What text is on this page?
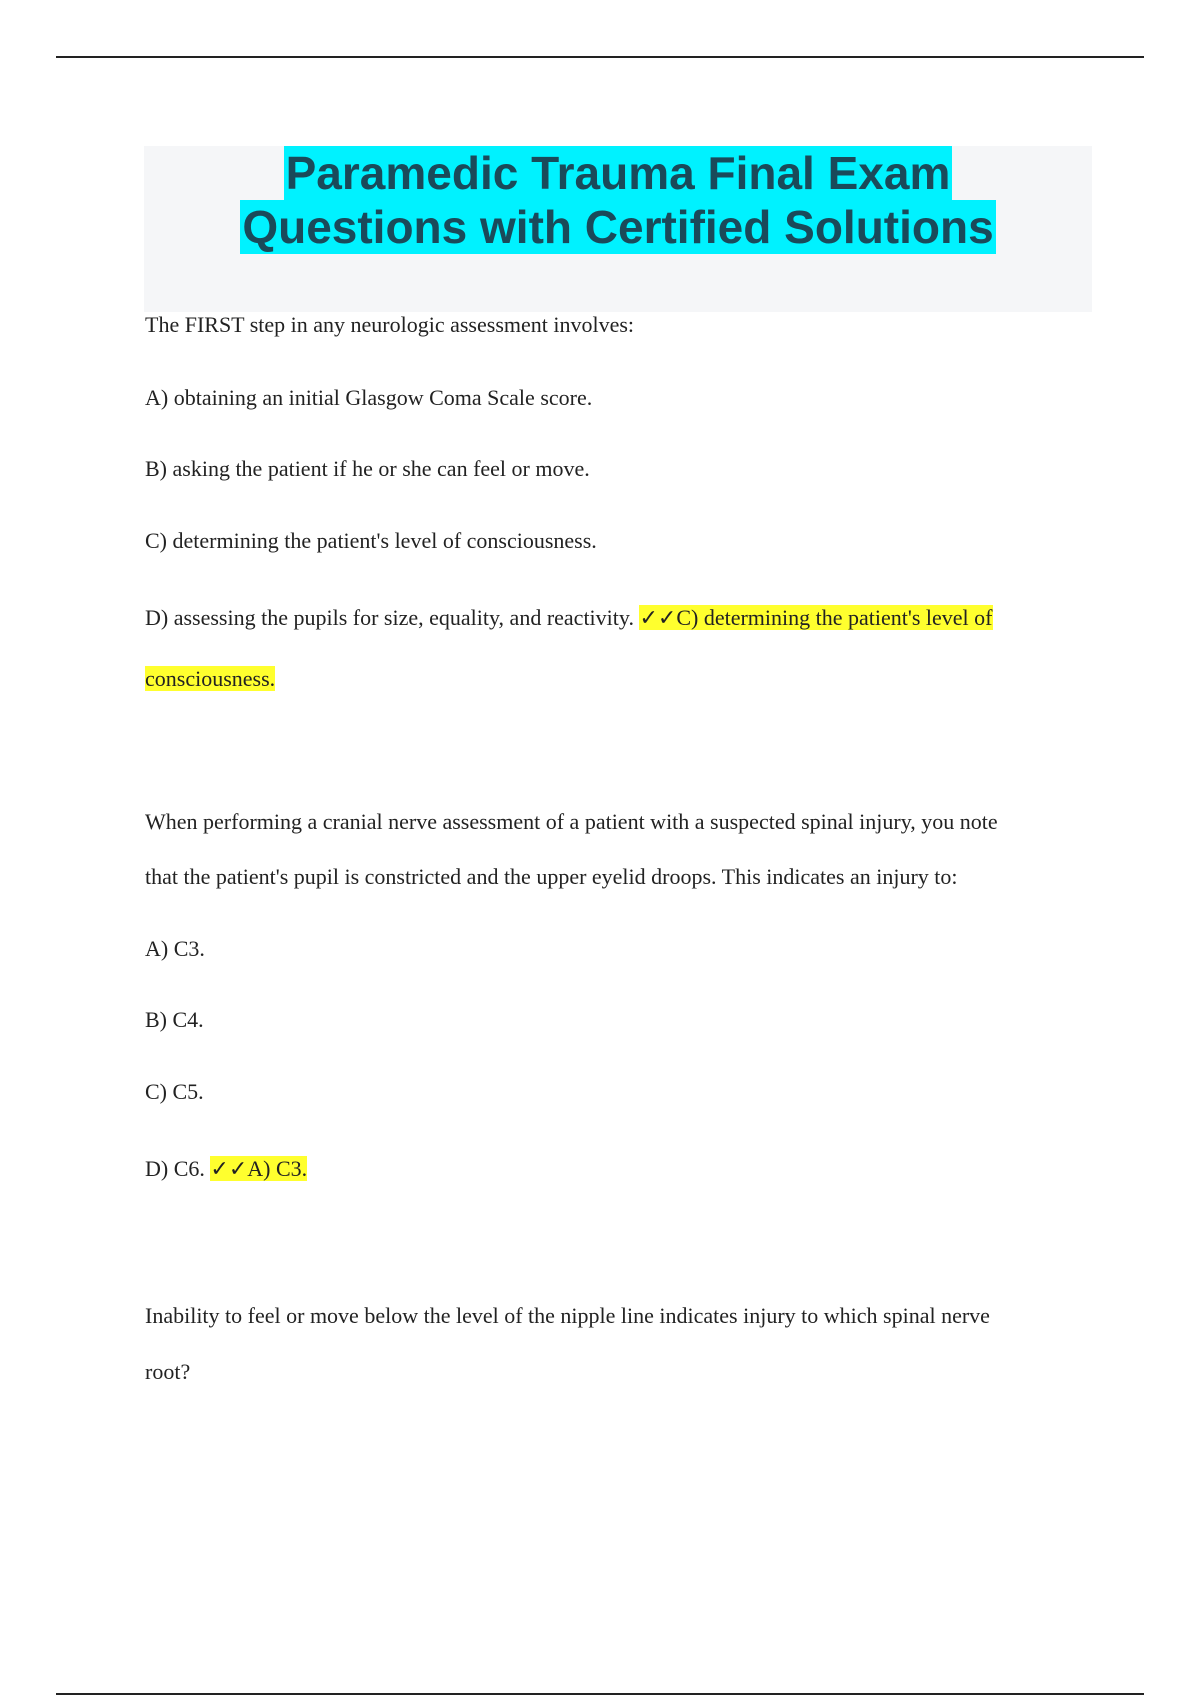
Paramedic Trauma Final Exam
Questions with Certified Solutions
The FIRST step in any neurologic assessment involves:
A) obtaining an initial Glasgow Coma Scale score.
B) asking the patient if he or she can feel or move.
C) determining the patient's level of consciousness.
D) assessing the pupils for size, equality, and reactivity. ✓✓C) determining the patient's level of
consciousness.
When performing a cranial nerve assessment of a patient with a suspected spinal injury, you note
that the patient's pupil is constricted and the upper eyelid droops. This indicates an injury to:
A) C3.
B) C4.
C) C5.
D) C6. ✓✓A) C3.
Inability to feel or move below the level of the nipple line indicates injury to which spinal nerve
root?
